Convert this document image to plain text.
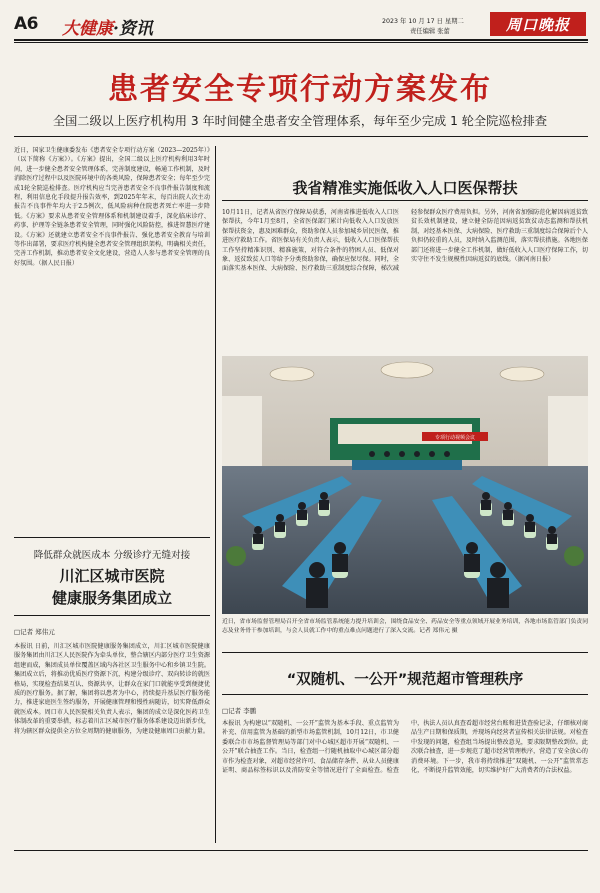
A6 大健康·资讯	2023 年 10 月 17 日 星期二
责任编辑 张蕾	周口晚报
患者安全专项行动方案发布
全国二级以上医疗机构用 3 年时间健全患者安全管理体系，每年至少完成 1 轮全院巡检排查
近日，国家卫生健康委发布《患者安全专项行动方案（2023—2025年）》（以下简称《方案》）。《方案》提出，全国二级以上医疗机构利用3年时间，进一步健全患者安全管理体系，完善制度建设，畅通工作机制，及时消除医疗过程中以及医院环境中的各类风险，保障患者安全；每年至少完成1轮全院巡检排查。医疗机构应当完善患者安全不良事件报告制度和流程，利用信息化手段提升报告效率，到2025年年末，每百出院人次主动报告不良事件年均大于2.5例次，低风险病种住院患者死亡率进一步降低。《方案》要求从患者安全管理体系和机制建设着手，深化临床诊疗、药事、护理等全链条患者安全管理，同时强化风险防控，推进智慧医疗建设。《方案》还就建立患者安全不良事件报告、强化患者安全教育与培训等作出部署，要求医疗机构健全患者安全管理组织架构，明确相关责任，完善工作机制，推动患者安全文化建设，营造人人参与患者安全管理的良好氛围。（据人民日报）
降低群众就医成本 分级诊疗无缝对接
川汇区城市医院
健康服务集团成立
□记者 郑伟元
本报讯 日前，川汇区城市医院健康服务集团成立，川汇区城市医院健康服务集团由川汇区人民医院作为牵头单位，整合辖区内部分医疗卫生资源组建而成，集团成员单位覆盖区域内各社区卫生服务中心和乡镇卫生院。集团成立后，将推动优质医疗资源下沉，构建分级诊疗、双向转诊的就医格局，实现检查结果互认、资源共享，让群众在家门口就能享受到便捷优质的医疗服务。据了解，集团将以患者为中心，持续提升基层医疗服务能力，推进家庭医生签约服务，开展健康管理和慢性病随访，切实降低群众就医成本。周口市人民医院相关负责人表示，集团的成立是深化医药卫生体制改革的重要举措，标志着川汇区城市医疗服务体系建设迈出新步伐，将为辖区群众提供全方位全周期的健康服务，为建设健康周口贡献力量。
我省精准实施低收入人口医保帮扶
10月11日，记者从省医疗保障局获悉，河南省推进低收入人口医保帮扶，今年1月至8月，全省医保部门累计向低收入人口发放医保帮扶资金，惠及困难群众，资助参保人员参加城乡居民医保，推进医疗救助工作。省医保局有关负责人表示，低收入人口医保帮扶工作坚持精准识别、精准施策，对符合条件的特困人员、低保对象、返贫致贫人口等给予分类资助参保，确保应保尽保。同时，全面落实基本医保、大病保险、医疗救助三重制度综合保障，梯次减轻参保群众医疗费用负担。另外，河南省加强防范化解因病返贫致贫长效机制建设，建立健全防范因病返贫致贫动态监测和帮扶机制，对经基本医保、大病保险、医疗救助三重制度综合保障后个人负担仍较重的人员，及时纳入监测范围，落实帮扶措施。各地医保部门还将进一步健全工作机制，做好低收入人口医疗保障工作，切实守住不发生规模性因病返贫的底线。（据河南日报）
专项行动视频会议
近日，省市场监督管理局召开全省市场监管系统能力提升培训会，围绕食品安全、药品安全等重点领域开展业务培训，各地市场监管部门负责同志及业务骨干参加培训，与会人员就工作中的重点难点问题进行了深入交流。记者 郑伟元 摄
“双随机、一公开”规范超市管理秩序
□记者 李鹏
本报讯 为构建以“双随机、一公开”监管为基本手段、重点监管为补充、信用监管为基础的新型市场监管机制，10月12日，市卫健委联合市市场监督管理局等部门对中心城区超市开展“双随机、一公开”联合抽查工作。当日，检查组一行随机抽取中心城区部分超市作为检查对象，对超市经营许可、食品储存条件、从业人员健康证明、商品标签标识以及消防安全等情况进行了全面检查。检查中，执法人员认真查看超市经营台账和进货查验记录，仔细核对商品生产日期和保质期，并现场向经营者宣传相关法律法规。对检查中发现的问题，检查组当场提出整改意见，要求限期整改到位。此次联合抽查，进一步规范了超市经营管理秩序，营造了安全放心的消费环境。下一步，我市将持续推进“双随机、一公开”监管常态化，不断提升监管效能，切实维护好广大消费者的合法权益。
